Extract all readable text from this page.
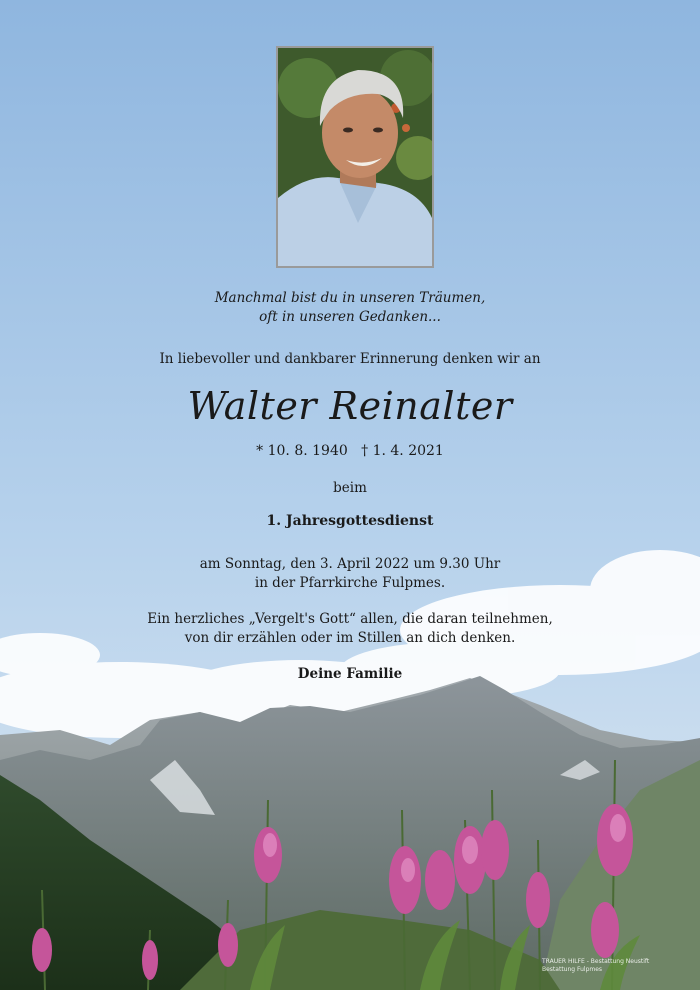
Manchmal bist du in unseren Träumen,
oft in unseren Gedanken...

In liebevoller und dankbarer Erinnerung denken wir an

Walter Reinalter

* 10. 8. 1940 † 1. 4. 2021

beim

1. Jahresgottesdienst

am Sonntag, den 3. April 2022 um 9.30 Uhr
in der Pfarrkirche Fulpmes.

Ein herzliches „Vergelt's Gott“ allen, die daran teilnehmen,
von dir erzählen oder im Stillen an dich denken.

Deine Familie

TRAUER HILFE - Bestattung Neustift
Bestattung Fulpmes
